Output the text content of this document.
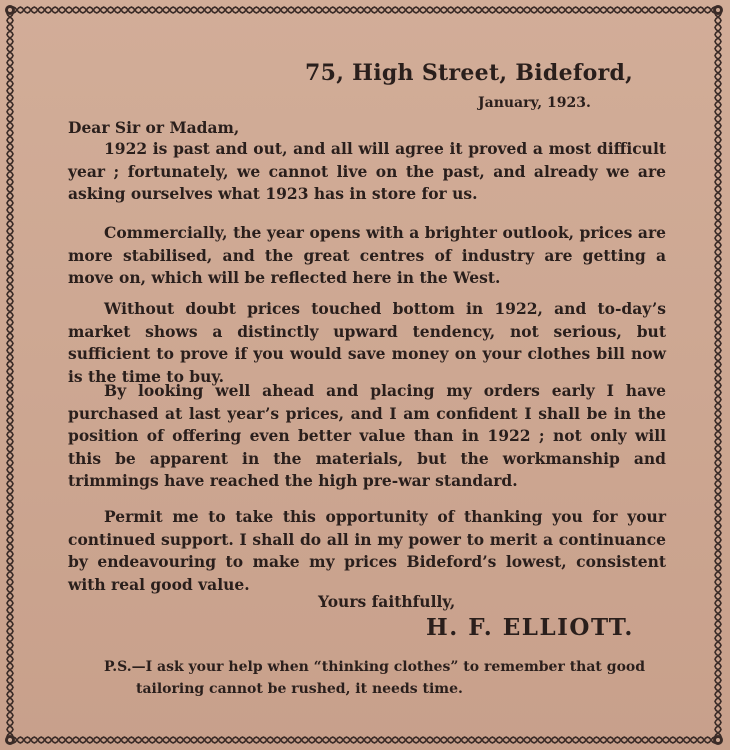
75, High Street, Bideford,
January, 1923.
Dear Sir or Madam,

1922 is past and out, and all will agree it proved a most difficult year ; fortunately, we cannot live on the past, and already we are asking ourselves what 1923 has in store for us.

Commercially, the year opens with a brighter outlook, prices are more stabilised, and the great centres of industry are getting a move on, which will be reflected here in the West.

Without doubt prices touched bottom in 1922, and to-day’s market shows a distinctly upward tendency, not serious, but sufficient to prove if you would save money on your clothes bill now is the time to buy.

By looking well ahead and placing my orders early I have purchased at last year’s prices, and I am confident I shall be in the position of offering even better value than in 1922 ; not only will this be apparent in the materials, but the workmanship and trimmings have reached the high pre-war standard.

Permit me to take this opportunity of thanking you for your continued support. I shall do all in my power to merit a continuance by endeavouring to make my prices Bideford’s lowest, consistent with real good value.

Yours faithfully,
H. F. ELLIOTT.

P.S.—I ask your help when “thinking clothes” to remember that good tailoring cannot be rushed, it needs time.
